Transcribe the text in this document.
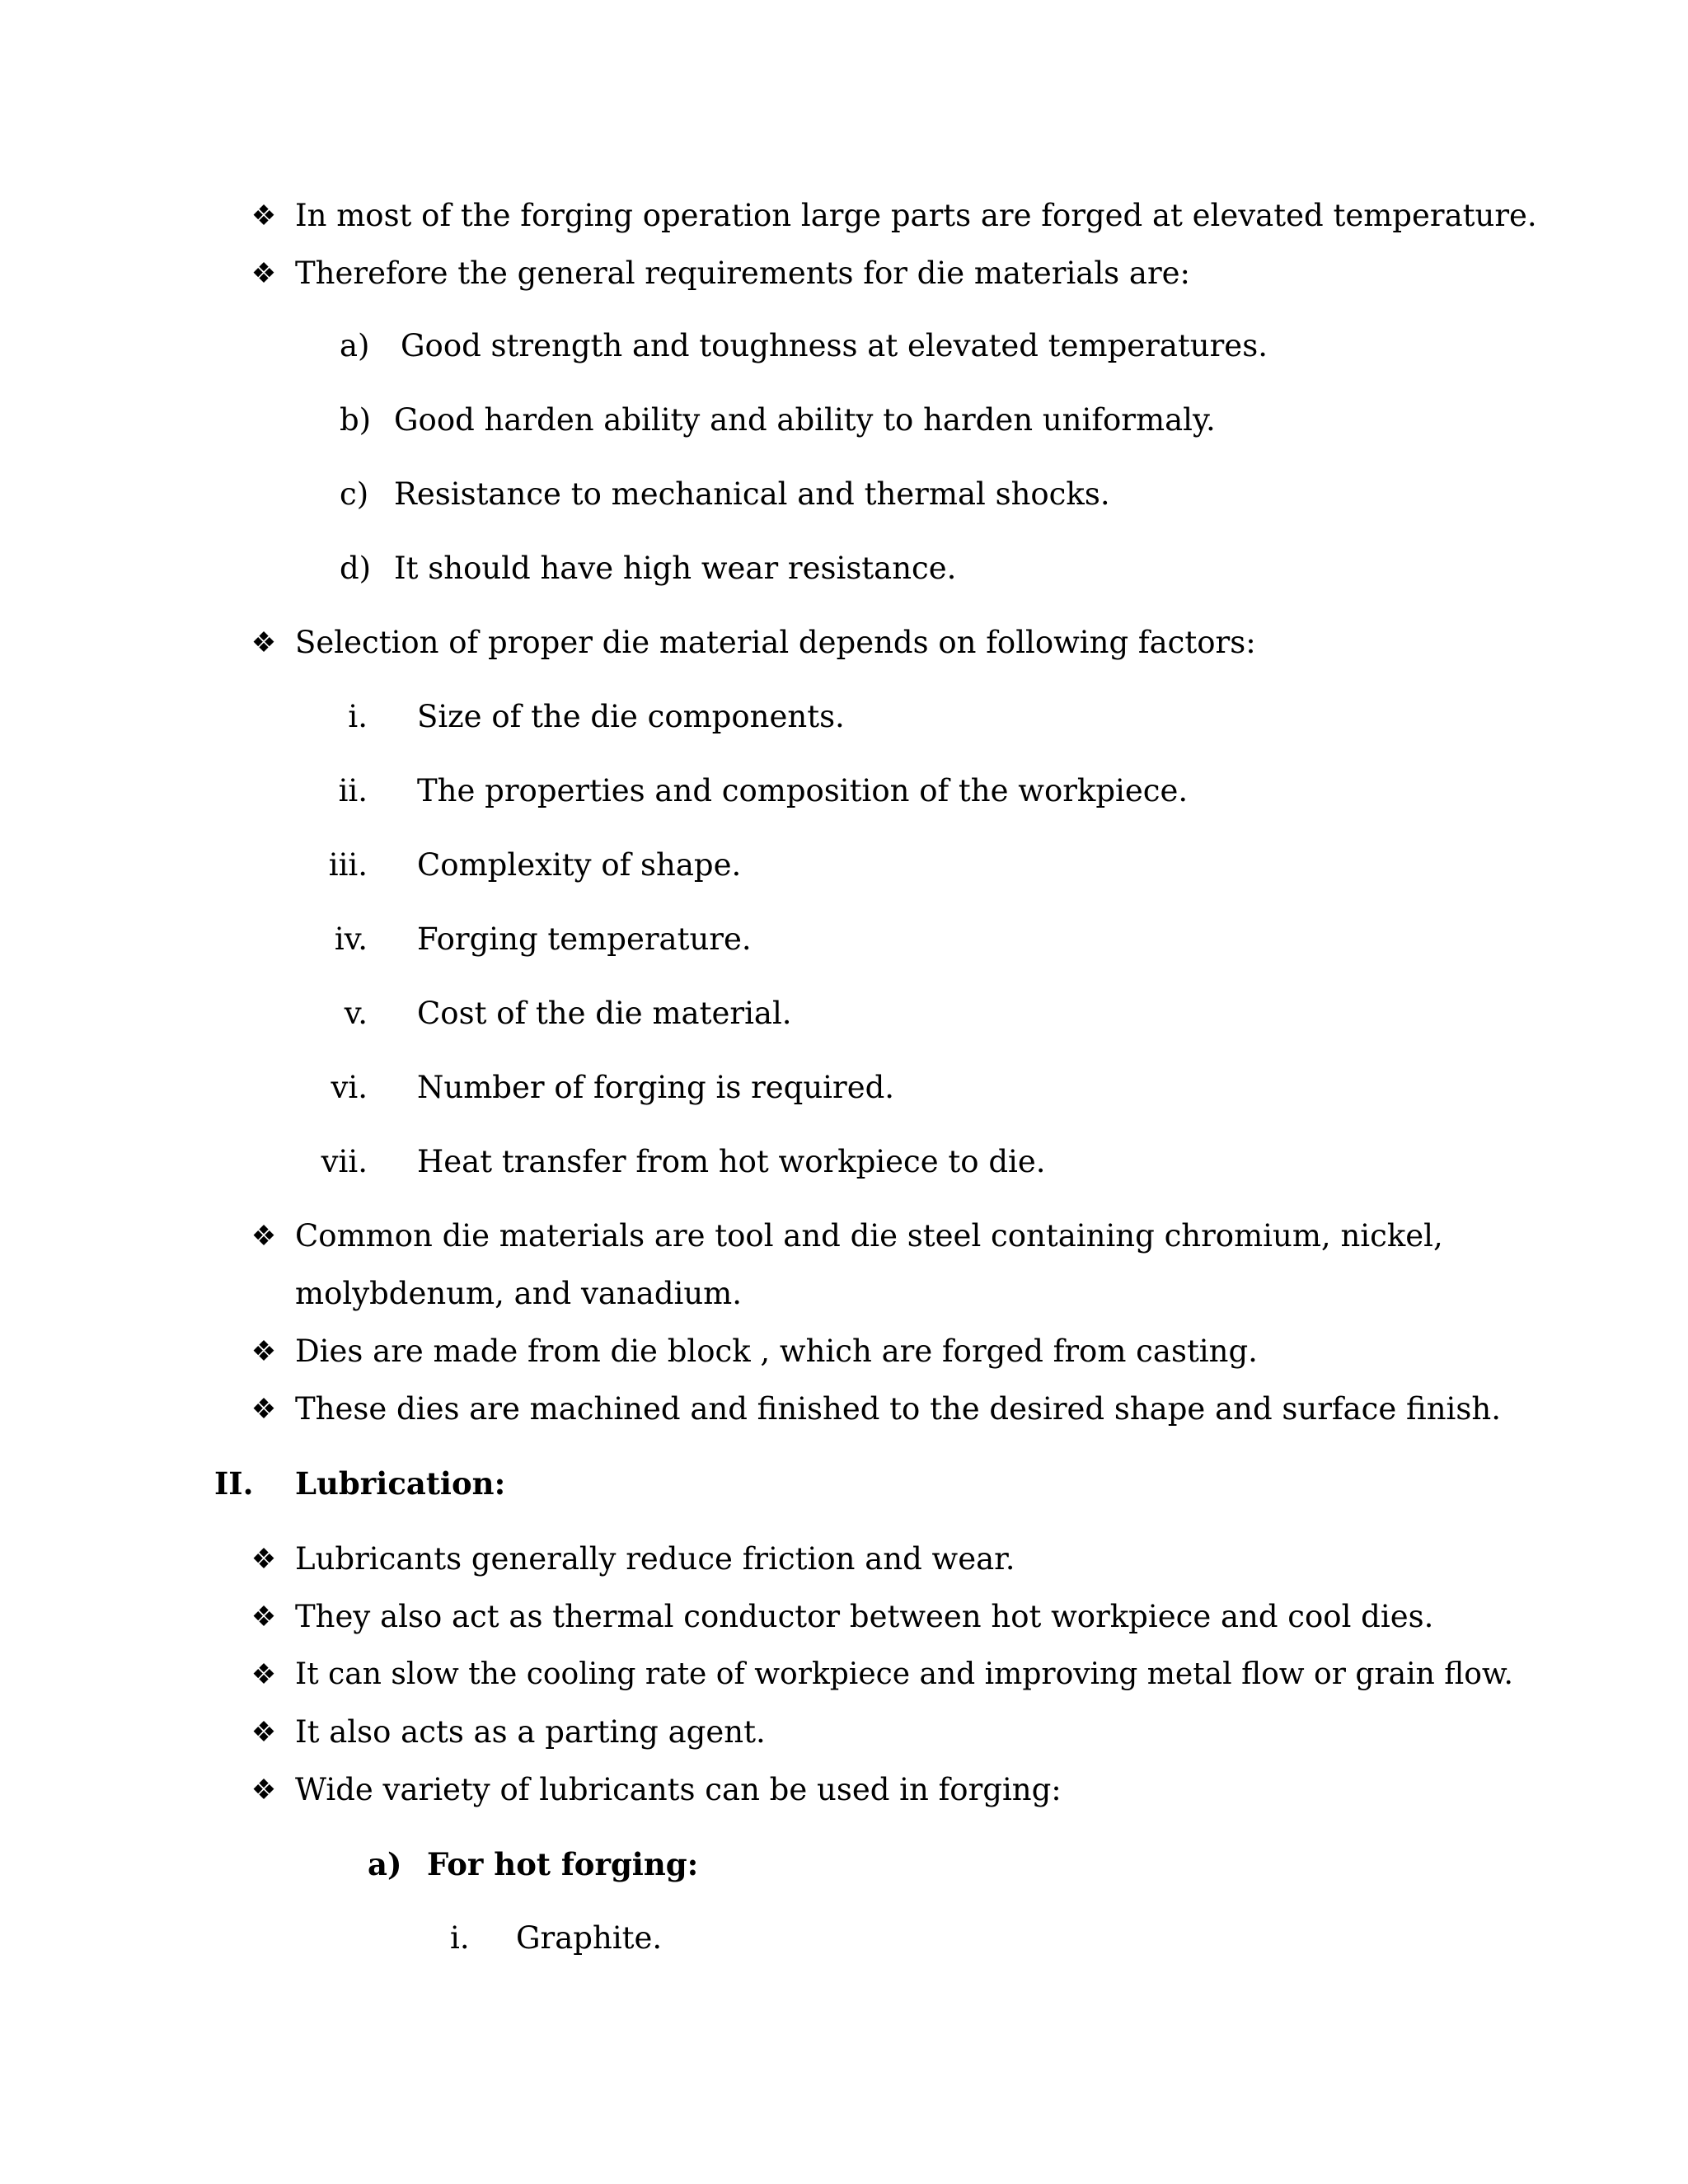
❖ In most of the forging operation large parts are forged at elevated temperature.
❖ Therefore the general requirements for die materials are:
a) Good strength and toughness at elevated temperatures.
b) Good harden ability and ability to harden uniformaly.
c) Resistance to mechanical and thermal shocks.
d) It should have high wear resistance.
❖ Selection of proper die material depends on following factors:
i. Size of the die components.
ii. The properties and composition of the workpiece.
iii. Complexity of shape.
iv. Forging temperature.
v. Cost of the die material.
vi. Number of forging is required.
vii. Heat transfer from hot workpiece to die.
❖ Common die materials are tool and die steel containing chromium, nickel,
molybdenum, and vanadium.
❖ Dies are made from die block , which are forged from casting.
❖ These dies are machined and finished to the desired shape and surface finish.
II. Lubrication:
❖ Lubricants generally reduce friction and wear.
❖ They also act as thermal conductor between hot workpiece and cool dies.
❖ It can slow the cooling rate of workpiece and improving metal flow or grain flow.
❖ It also acts as a parting agent.
❖ Wide variety of lubricants can be used in forging:
a) For hot forging:
i. Graphite.
